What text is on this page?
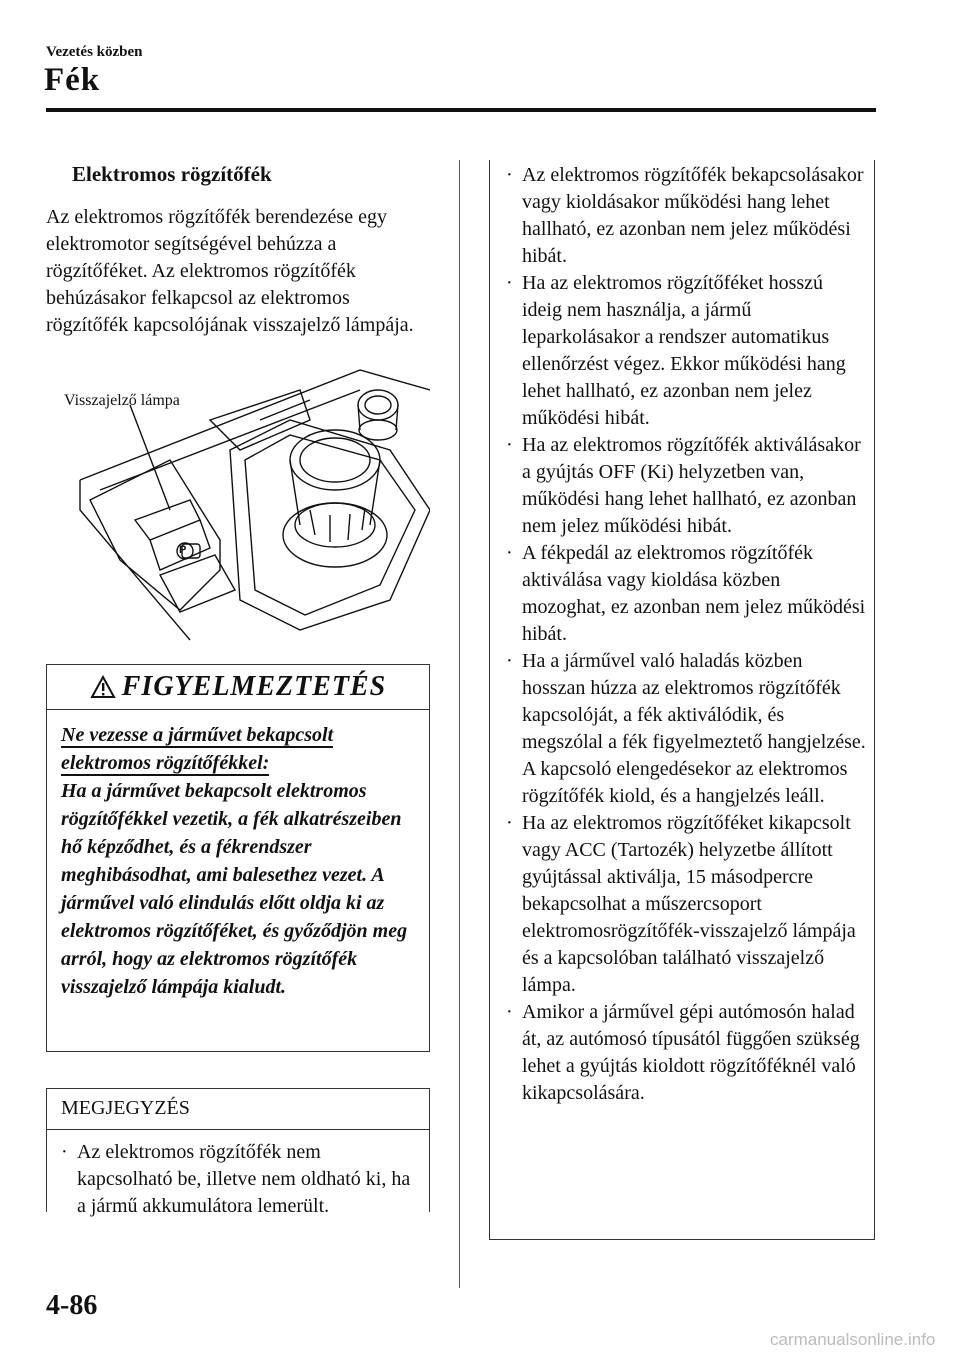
Vezetés közben
Fék
Elektromos rögzítőfék
Az elektromos rögzítőfék berendezése egy elektromotor segítségével behúzza a rögzítőféket. Az elektromos rögzítőfék behúzásakor felkapcsol az elektromos rögzítőfék kapcsolójának visszajelző lámpája.
Visszajelző lámpa
P
FIGYELMEZTETÉS
Ne vezesse a járművet bekapcsolt elektromos rögzítőfékkel:
Ha a járművet bekapcsolt elektromos rögzítőfékkel vezetik, a fék alkatrészeiben hő képződhet, és a fékrendszer meghibásodhat, ami balesethez vezet. A járművel való elindulás előtt oldja ki az elektromos rögzítőféket, és győződjön meg arról, hogy az elektromos rögzítőfék visszajelző lámpája kialudt.
MEGJEGYZÉS
· Az elektromos rögzítőfék nem kapcsolható be, illetve nem oldható ki, ha a jármű akkumulátora lemerült.
· Az elektromos rögzítőfék bekapcsolásakor vagy kioldásakor működési hang lehet hallható, ez azonban nem jelez működési hibát.
· Ha az elektromos rögzítőféket hosszú ideig nem használja, a jármű leparkolásakor a rendszer automatikus ellenőrzést végez. Ekkor működési hang lehet hallható, ez azonban nem jelez működési hibát.
· Ha az elektromos rögzítőfék aktiválásakor a gyújtás OFF (Ki) helyzetben van, működési hang lehet hallható, ez azonban nem jelez működési hibát.
· A fékpedál az elektromos rögzítőfék aktiválása vagy kioldása közben mozoghat, ez azonban nem jelez működési hibát.
· Ha a járművel való haladás közben hosszan húzza az elektromos rögzítőfék kapcsolóját, a fék aktiválódik, és megszólal a fék figyelmeztető hangjelzése. A kapcsoló elengedésekor az elektromos rögzítőfék kiold, és a hangjelzés leáll.
· Ha az elektromos rögzítőféket kikapcsolt vagy ACC (Tartozék) helyzetbe állított gyújtással aktiválja, 15 másodpercre bekapcsolhat a műszercsoport elektromosrögzítőfék-visszajelző lámpája és a kapcsolóban található visszajelző lámpa.
· Amikor a járművel gépi autómosón halad át, az autómosó típusától függően szükség lehet a gyújtás kioldott rögzítőféknél való kikapcsolására.
4-86
carmanualsonline.info
